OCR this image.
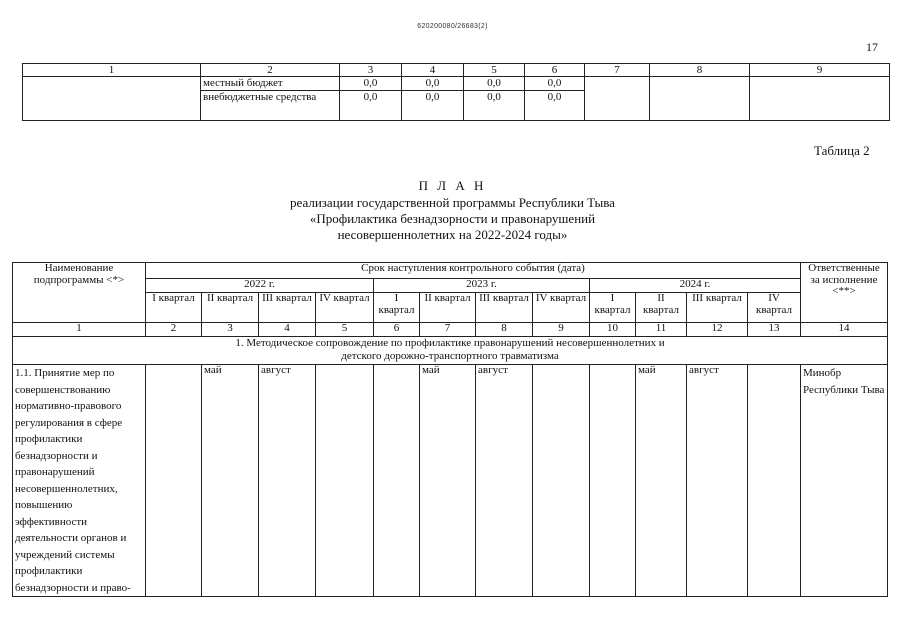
620200080/26683(2)
17
1	2	3	4	5	6	7	8	9
	местный бюджет	0,0	0,0	0,0	0,0			
	внебюджетные средства	0,0	0,0	0,0	0,0			
Таблица 2
П Л А Н
реализации государственной программы Республики Тыва
«Профилактика безнадзорности и правонарушений
несовершеннолетних на 2022-2024 годы»
Наименование подпрограммы <*>	Срок наступления контрольного события (дата)												Ответственные за исполнение <**>
	2022 г.				2023 г.				2024 г.				
	I квартал	II квартал	III квартал	IV квартал	I квартал	II квартал	III квартал	IV квартал	I квартал	II квартал	III квартал	IV квартал	
1	2	3	4	5	6	7	8	9	10	11	12	13	14
1. Методическое сопровождение по профилактике правонарушений несовершеннолетних и детского дорожно-транспортного травматизма													
1.1. Принятие мер по совершенствованию нормативно-правового регулирования в сфере профилактики безнадзорности и правонарушений несовершеннолетних, повышению эффективности деятельности органов и учреждений системы профилактики безнадзорности и право-		май	август			май	август			май	август		Минобр Республики Тыва
